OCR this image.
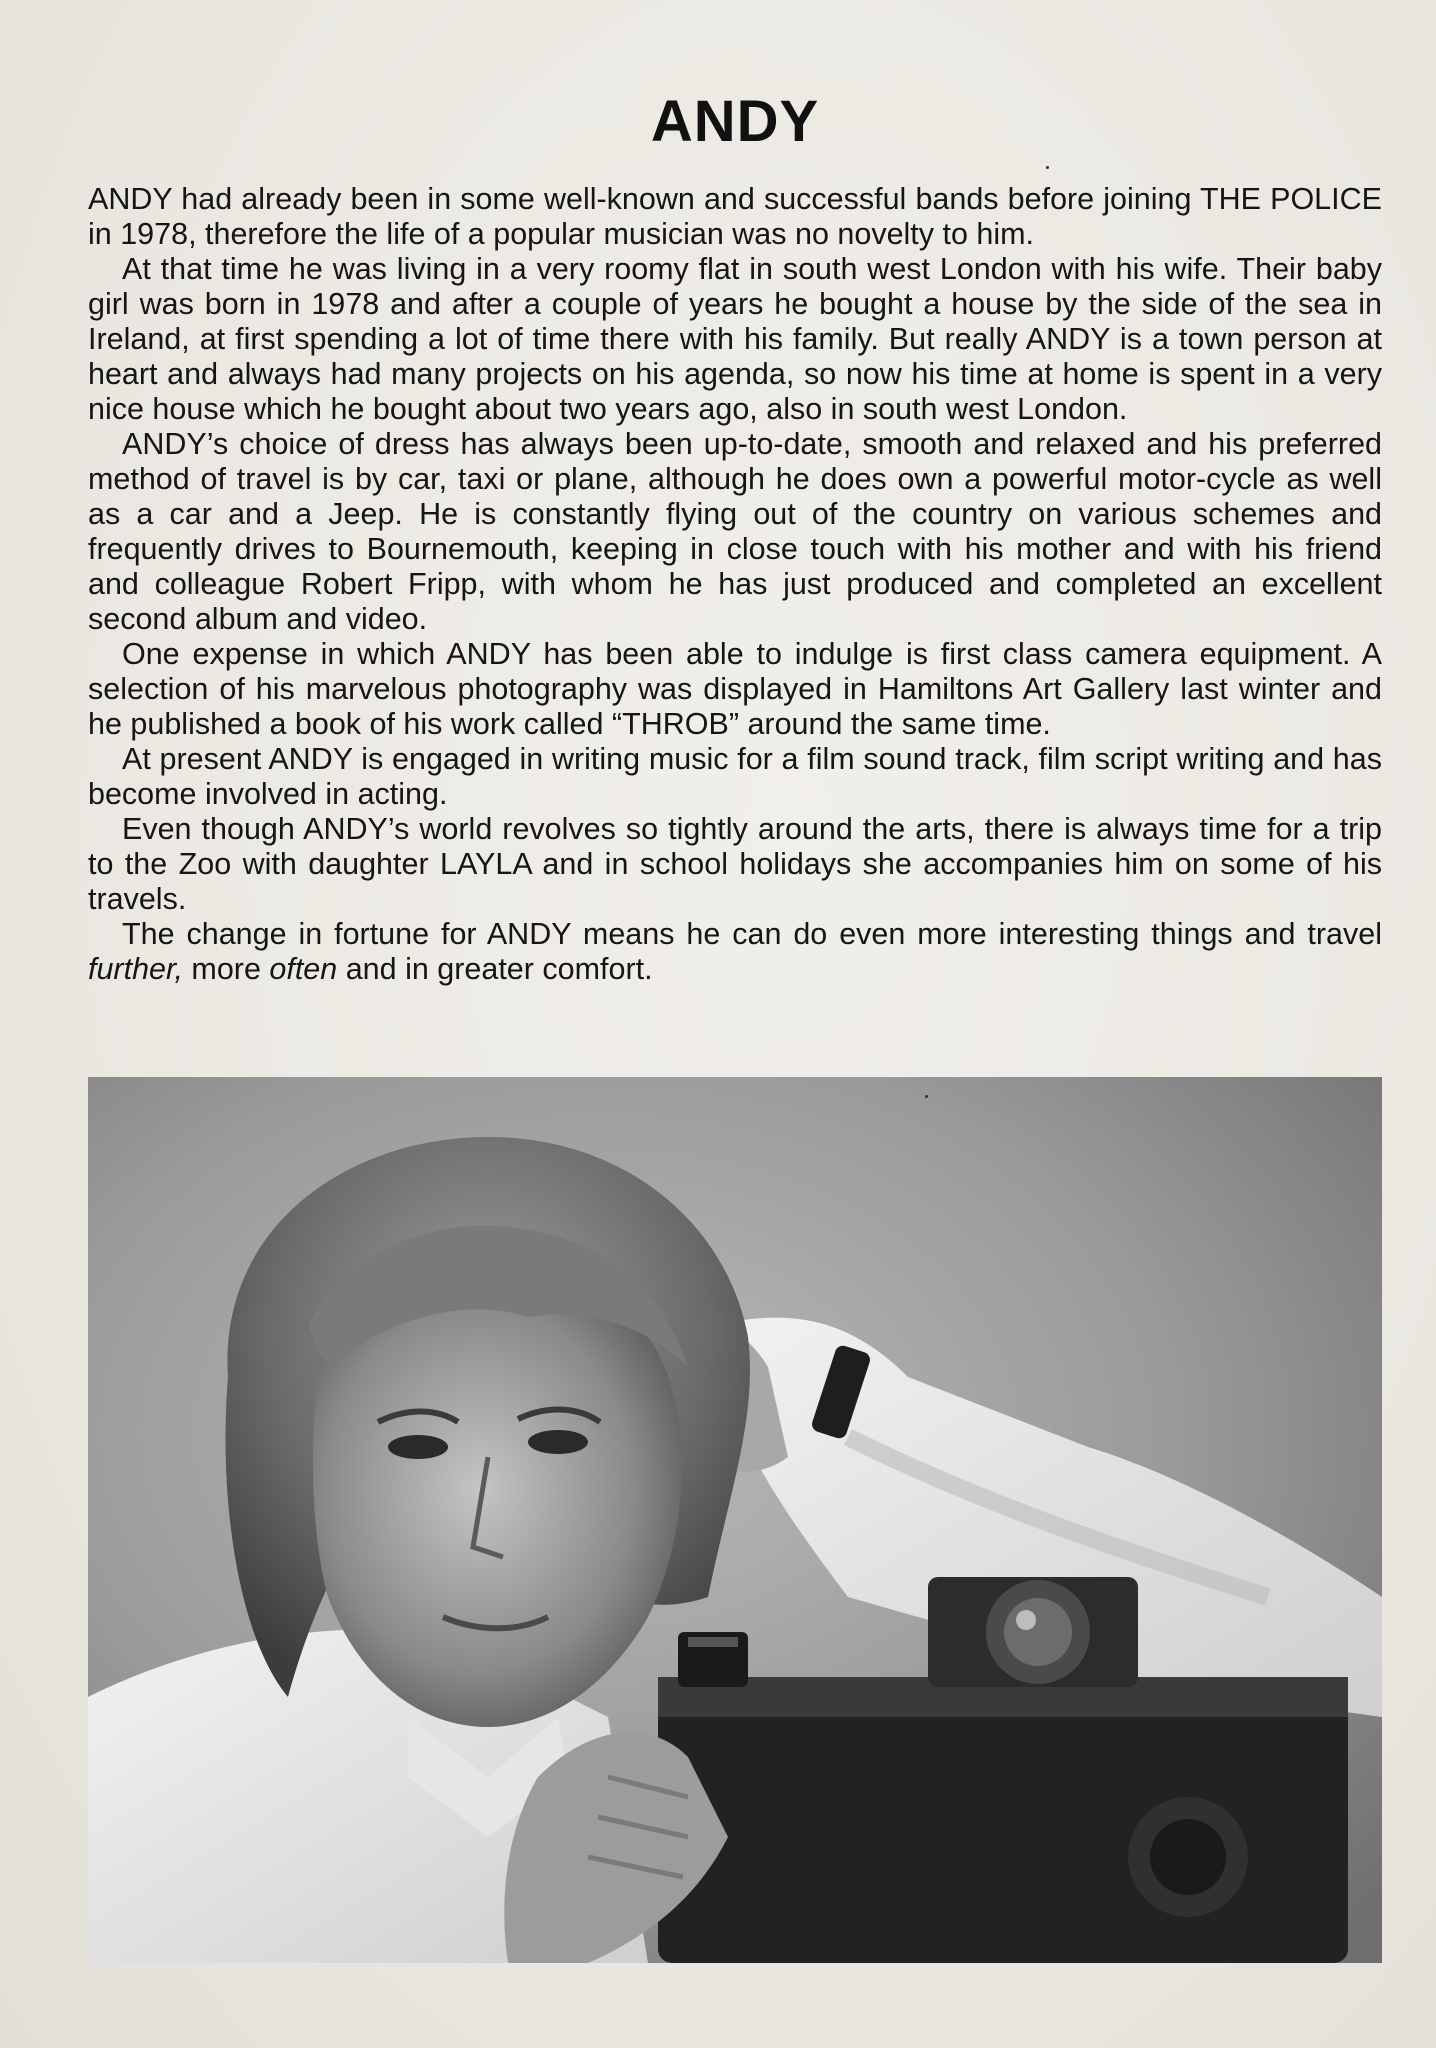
ANDY

ANDY had already been in some well-known and successful bands before joining THE POLICE in 1978, therefore the life of a popular musician was no novelty to him.

At that time he was living in a very roomy flat in south west London with his wife. Their baby girl was born in 1978 and after a couple of years he bought a house by the side of the sea in Ireland, at first spending a lot of time there with his family. But really ANDY is a town person at heart and always had many projects on his agenda, so now his time at home is spent in a very nice house which he bought about two years ago, also in south west London.

ANDY’s choice of dress has always been up-to-date, smooth and relaxed and his preferred method of travel is by car, taxi or plane, although he does own a powerful motor-cycle as well as a car and a Jeep. He is constantly flying out of the country on various schemes and frequently drives to Bournemouth, keeping in close touch with his mother and with his friend and colleague Robert Fripp, with whom he has just produced and completed an excellent second album and video.

One expense in which ANDY has been able to indulge is first class camera equipment. A selection of his marvelous photography was displayed in Hamiltons Art Gallery last winter and he published a book of his work called “THROB” around the same time.

At present ANDY is engaged in writing music for a film sound track, film script writing and has become involved in acting.

Even though ANDY’s world revolves so tightly around the arts, there is always time for a trip to the Zoo with daughter LAYLA and in school holidays she accompanies him on some of his travels.

The change in fortune for ANDY means he can do even more interesting things and travel further, more often and in greater comfort.
